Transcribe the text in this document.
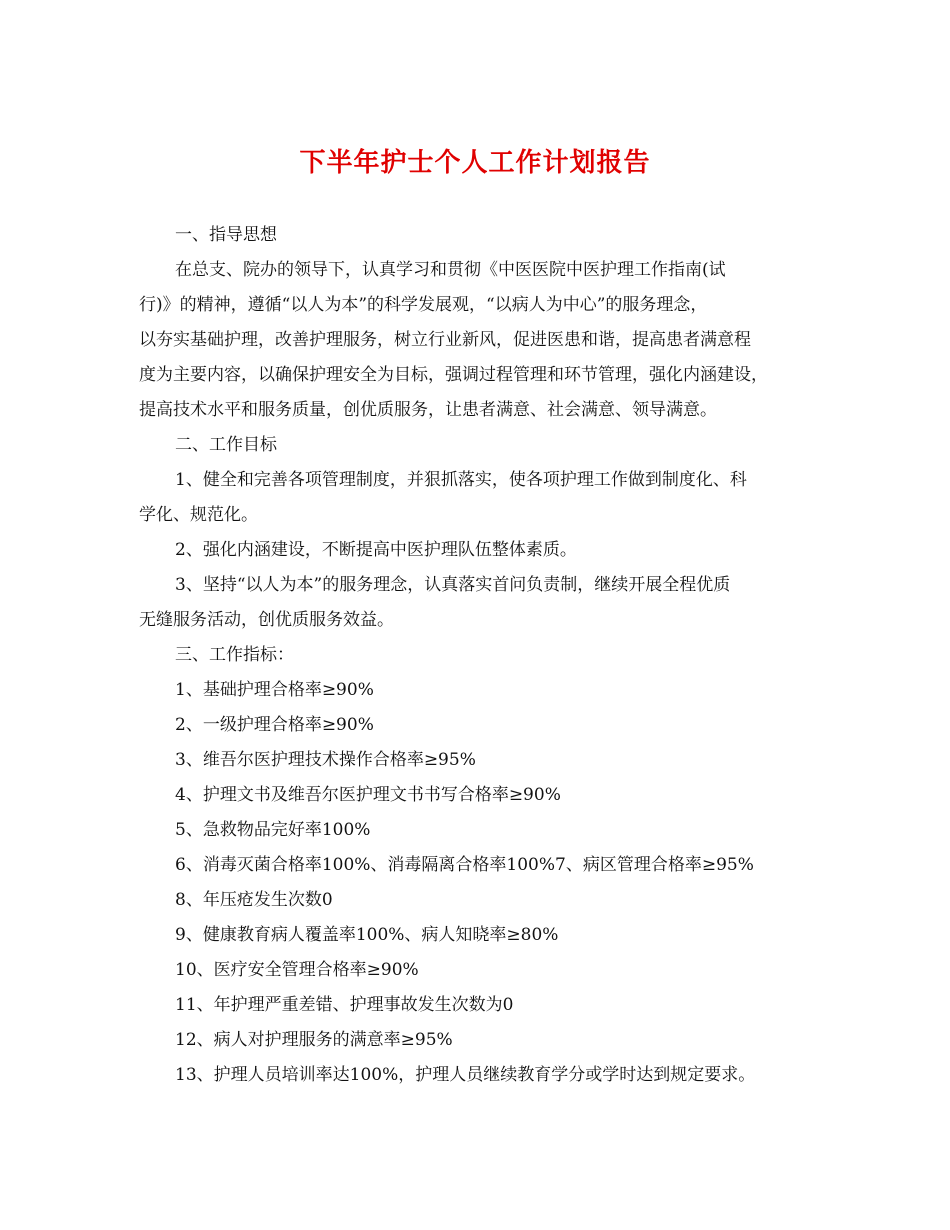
下半年护士个人工作计划报告
一、指导思想
在总支、院办的领导下，认真学习和贯彻《中医医院中医护理工作指南(试
行)》的精神，遵循“以人为本”的科学发展观，“以病人为中心”的服务理念，
以夯实基础护理，改善护理服务，树立行业新风，促进医患和谐，提高患者满意程
度为主要内容，以确保护理安全为目标，强调过程管理和环节管理，强化内涵建设，
提高技术水平和服务质量，创优质服务，让患者满意、社会满意、领导满意。
二、工作目标
1、健全和完善各项管理制度，并狠抓落实，使各项护理工作做到制度化、科
学化、规范化。
2、强化内涵建设，不断提高中医护理队伍整体素质。
3、坚持“以人为本”的服务理念，认真落实首问负责制，继续开展全程优质
无缝服务活动，创优质服务效益。
三、工作指标：
1、基础护理合格率≥90%
2、一级护理合格率≥90%
3、维吾尔医护理技术操作合格率≥95%
4、护理文书及维吾尔医护理文书书写合格率≥90%
5、急救物品完好率100%
6、消毒灭菌合格率100%、消毒隔离合格率100%7、病区管理合格率≥95%
8、年压疮发生次数0
9、健康教育病人覆盖率100%、病人知晓率≥80%
10、医疗安全管理合格率≥90%
11、年护理严重差错、护理事故发生次数为0
12、病人对护理服务的满意率≥95%
13、护理人员培训率达100%，护理人员继续教育学分或学时达到规定要求。
